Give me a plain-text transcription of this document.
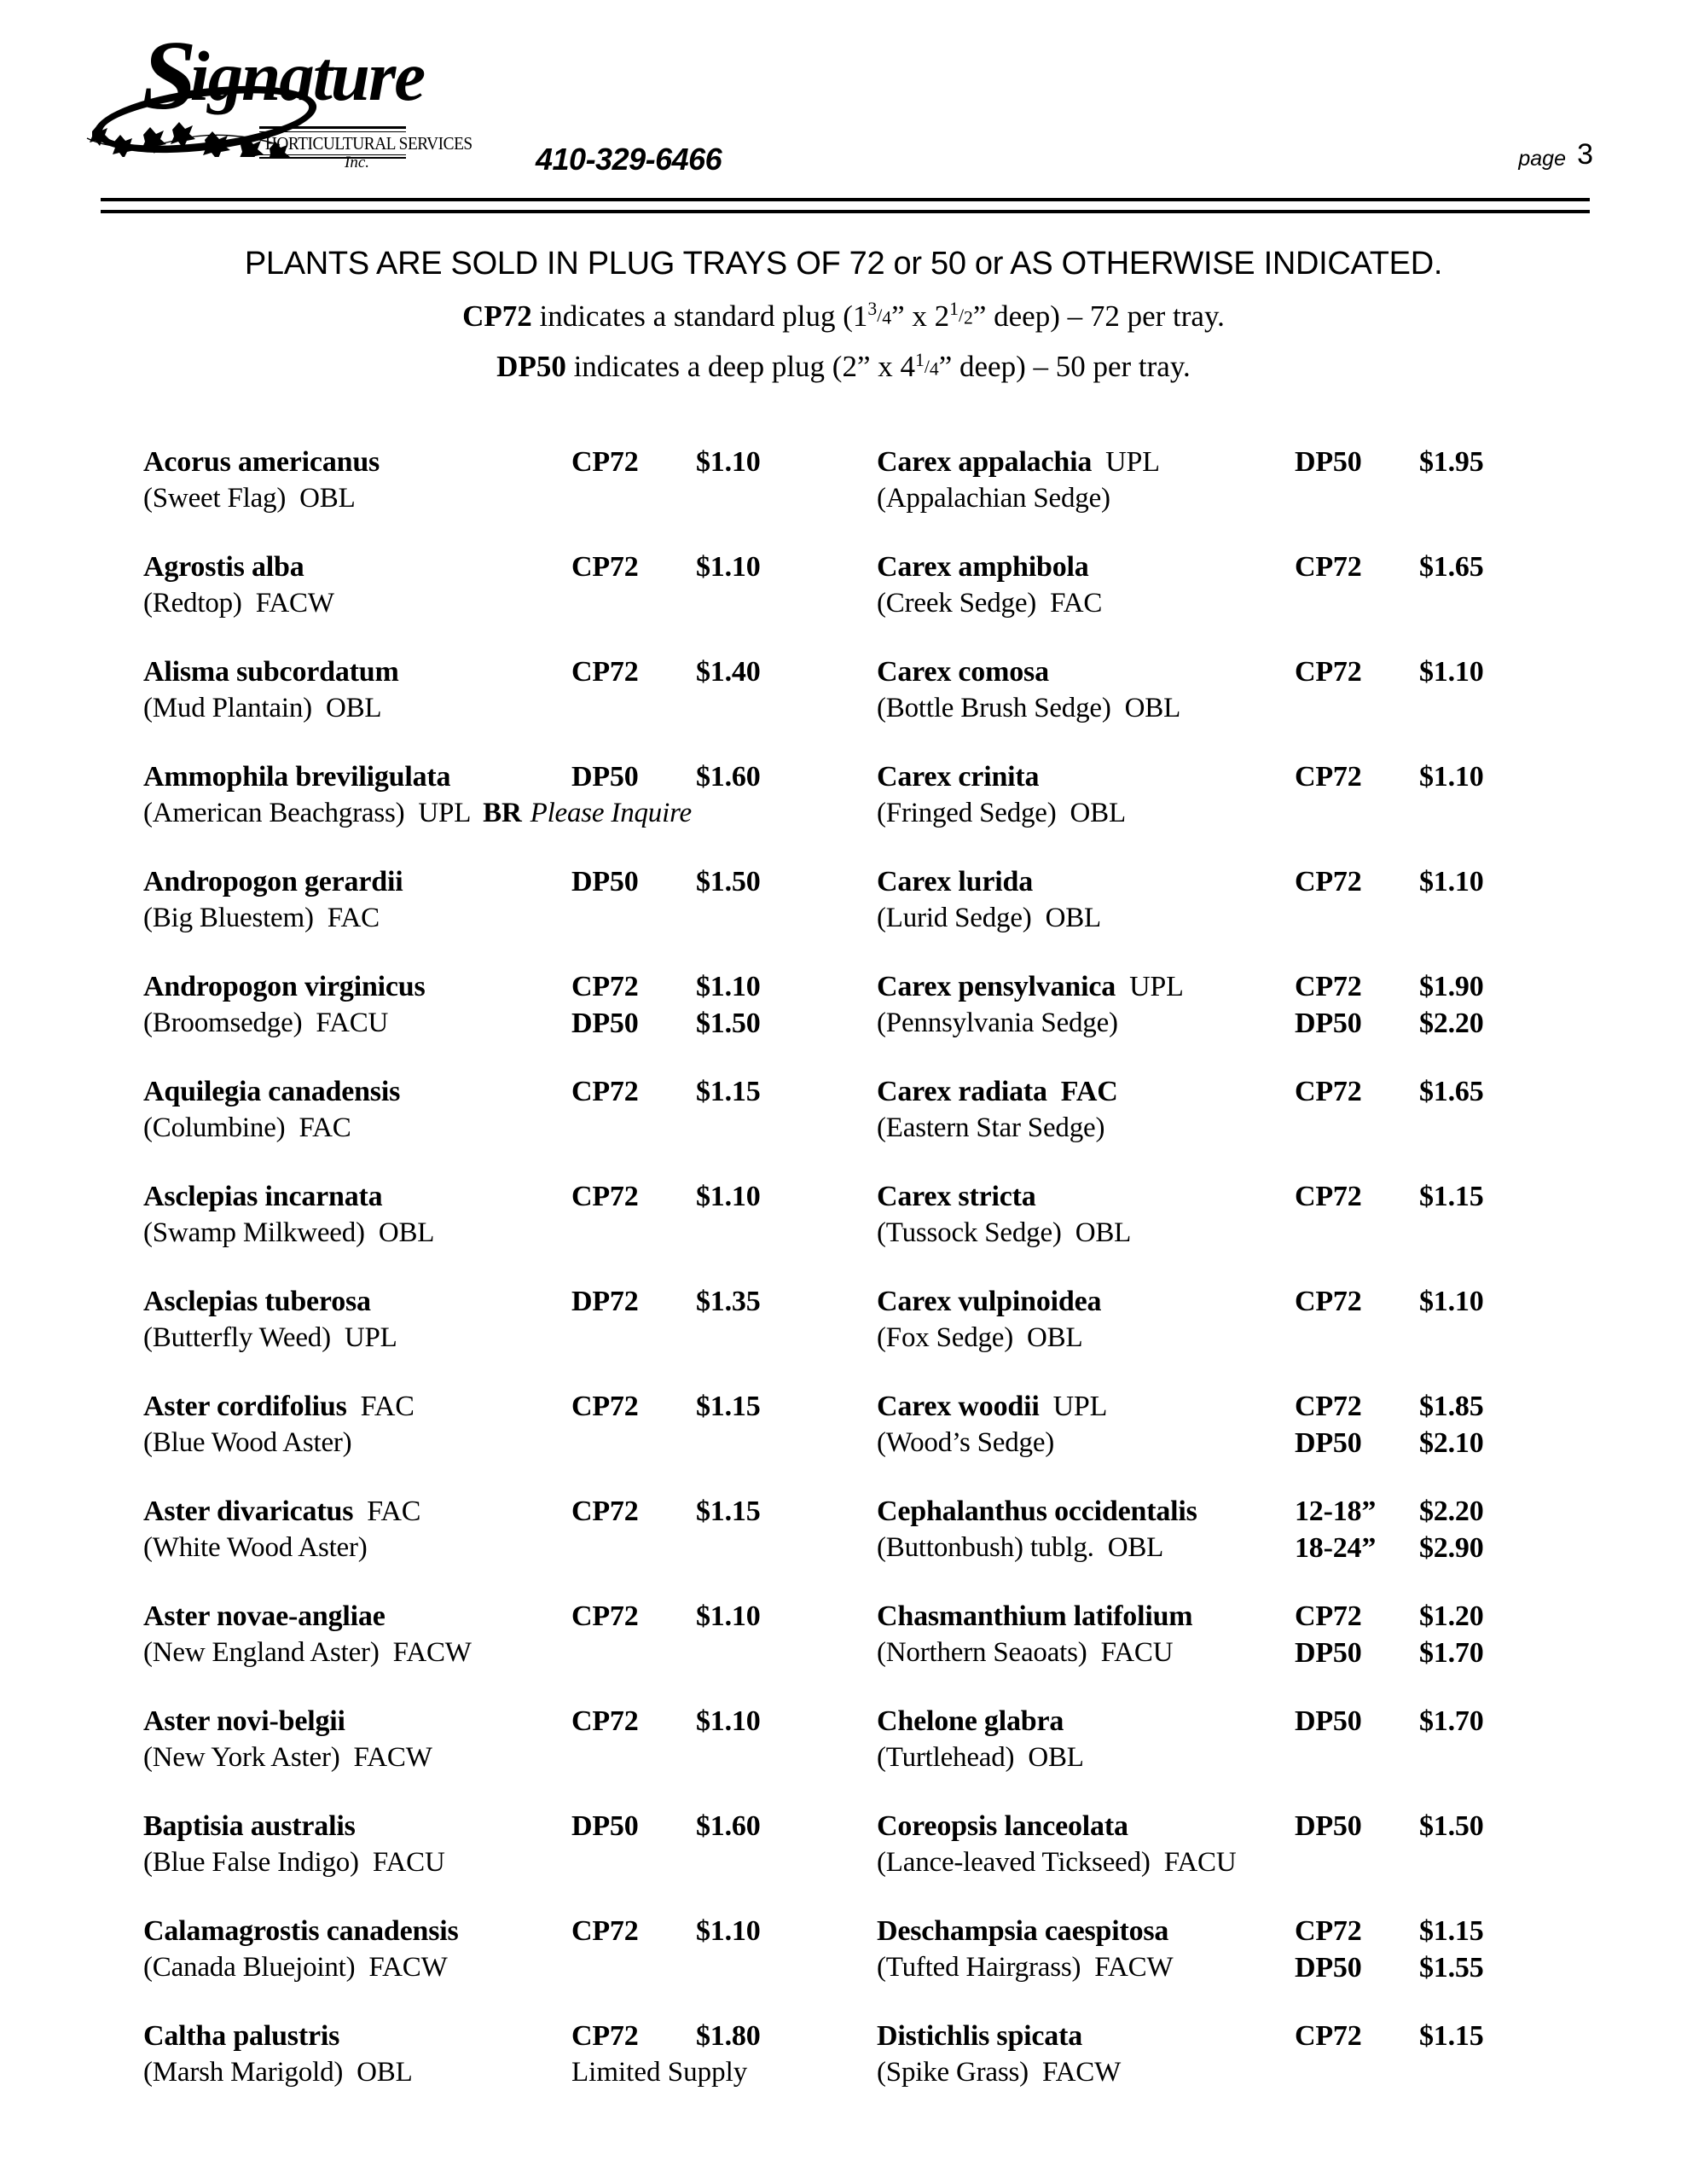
Signature
HORTICULTURAL SERVICES
Inc.	410-329-6466	page 3
PLANTS ARE SOLD IN PLUG TRAYS OF 72 or 50 or AS OTHERWISE INDICATED.
CP72 indicates a standard plug ($1^3/_4$” x $2^1/_2$” deep) – 72 per tray.
DP50 indicates a deep plug (2” x $4^1/_4$” deep) – 50 per tray.
Acorus americanus	CP72 $1.10
(Sweet Flag) OBL
Agrostis alba	CP72 $1.10
(Redtop) FACW
Alisma subcordatum	CP72 $1.40
(Mud Plantain) OBL
Ammophila breviligulata	DP50 $1.60
(American Beachgrass) UPL BR Please Inquire
Andropogon gerardii	DP50 $1.50
(Big Bluestem) FAC
Andropogon virginicus	CP72 $1.10
(Broomsedge) FACU	DP50 $1.50
Aquilegia canadensis	CP72 $1.15
(Columbine) FAC
Asclepias incarnata	CP72 $1.10
(Swamp Milkweed) OBL
Asclepias tuberosa	DP72 $1.35
(Butterfly Weed) UPL
Aster cordifolius FAC	CP72 $1.15
(Blue Wood Aster)
Aster divaricatus FAC	CP72 $1.15
(White Wood Aster)
Aster novae-angliae	CP72 $1.10
(New England Aster) FACW
Aster novi-belgii	CP72 $1.10
(New York Aster) FACW
Baptisia australis	DP50 $1.60
(Blue False Indigo) FACU
Calamagrostis canadensis	CP72 $1.10
(Canada Bluejoint) FACW
Caltha palustris	CP72 $1.80
(Marsh Marigold) OBL	Limited Supply
Carex appalachia UPL	DP50 $1.95
(Appalachian Sedge)
Carex amphibola	CP72 $1.65
(Creek Sedge) FAC
Carex comosa	CP72 $1.10
(Bottle Brush Sedge) OBL
Carex crinita	CP72 $1.10
(Fringed Sedge) OBL
Carex lurida	CP72 $1.10
(Lurid Sedge) OBL
Carex pensylvanica UPL	CP72 $1.90
(Pennsylvania Sedge)	DP50 $2.20
Carex radiata FAC	CP72 $1.65
(Eastern Star Sedge)
Carex stricta	CP72 $1.15
(Tussock Sedge) OBL
Carex vulpinoidea	CP72 $1.10
(Fox Sedge) OBL
Carex woodii UPL	CP72 $1.85
(Wood’s Sedge)	DP50 $2.10
Cephalanthus occidentalis	12-18” $2.20
(Buttonbush) tublg. OBL	18-24” $2.90
Chasmanthium latifolium	CP72 $1.20
(Northern Seaoats) FACU	DP50 $1.70
Chelone glabra	DP50 $1.70
(Turtlehead) OBL
Coreopsis lanceolata	DP50 $1.50
(Lance-leaved Tickseed) FACU
Deschampsia caespitosa	CP72 $1.15
(Tufted Hairgrass) FACW	DP50 $1.55
Distichlis spicata	CP72 $1.15
(Spike Grass) FACW
